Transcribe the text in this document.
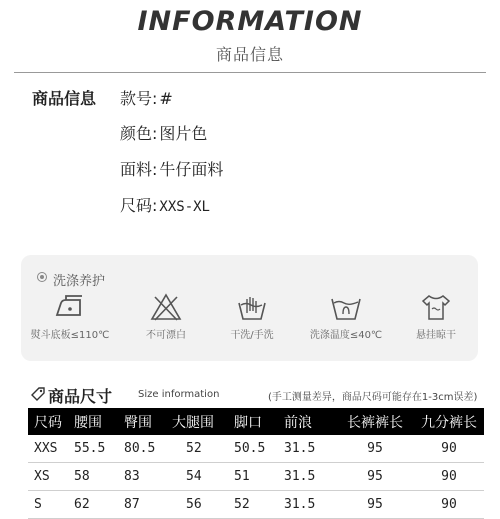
INFORMATION
商品信息
商品信息 款号: #
颜色: 图片色
面料: 牛仔面料
尺码: XXS-XL
洗涤养护
熨斗底板≤110℃	不可漂白	干洗/手洗	洗涤温度≤40℃	悬挂晾干
商品尺寸	Size information	(手工测量差异，商品尺码可能存在1-3cm误差)
尺码	腰围	臀围	大腿围	脚口	前浪	长裤裤长	九分裤长
XXS	55.5	80.5	52	50.5	31.5	95	90
XS	58	83	54	51	31.5	95	90
S	62	87	56	52	31.5	95	90
